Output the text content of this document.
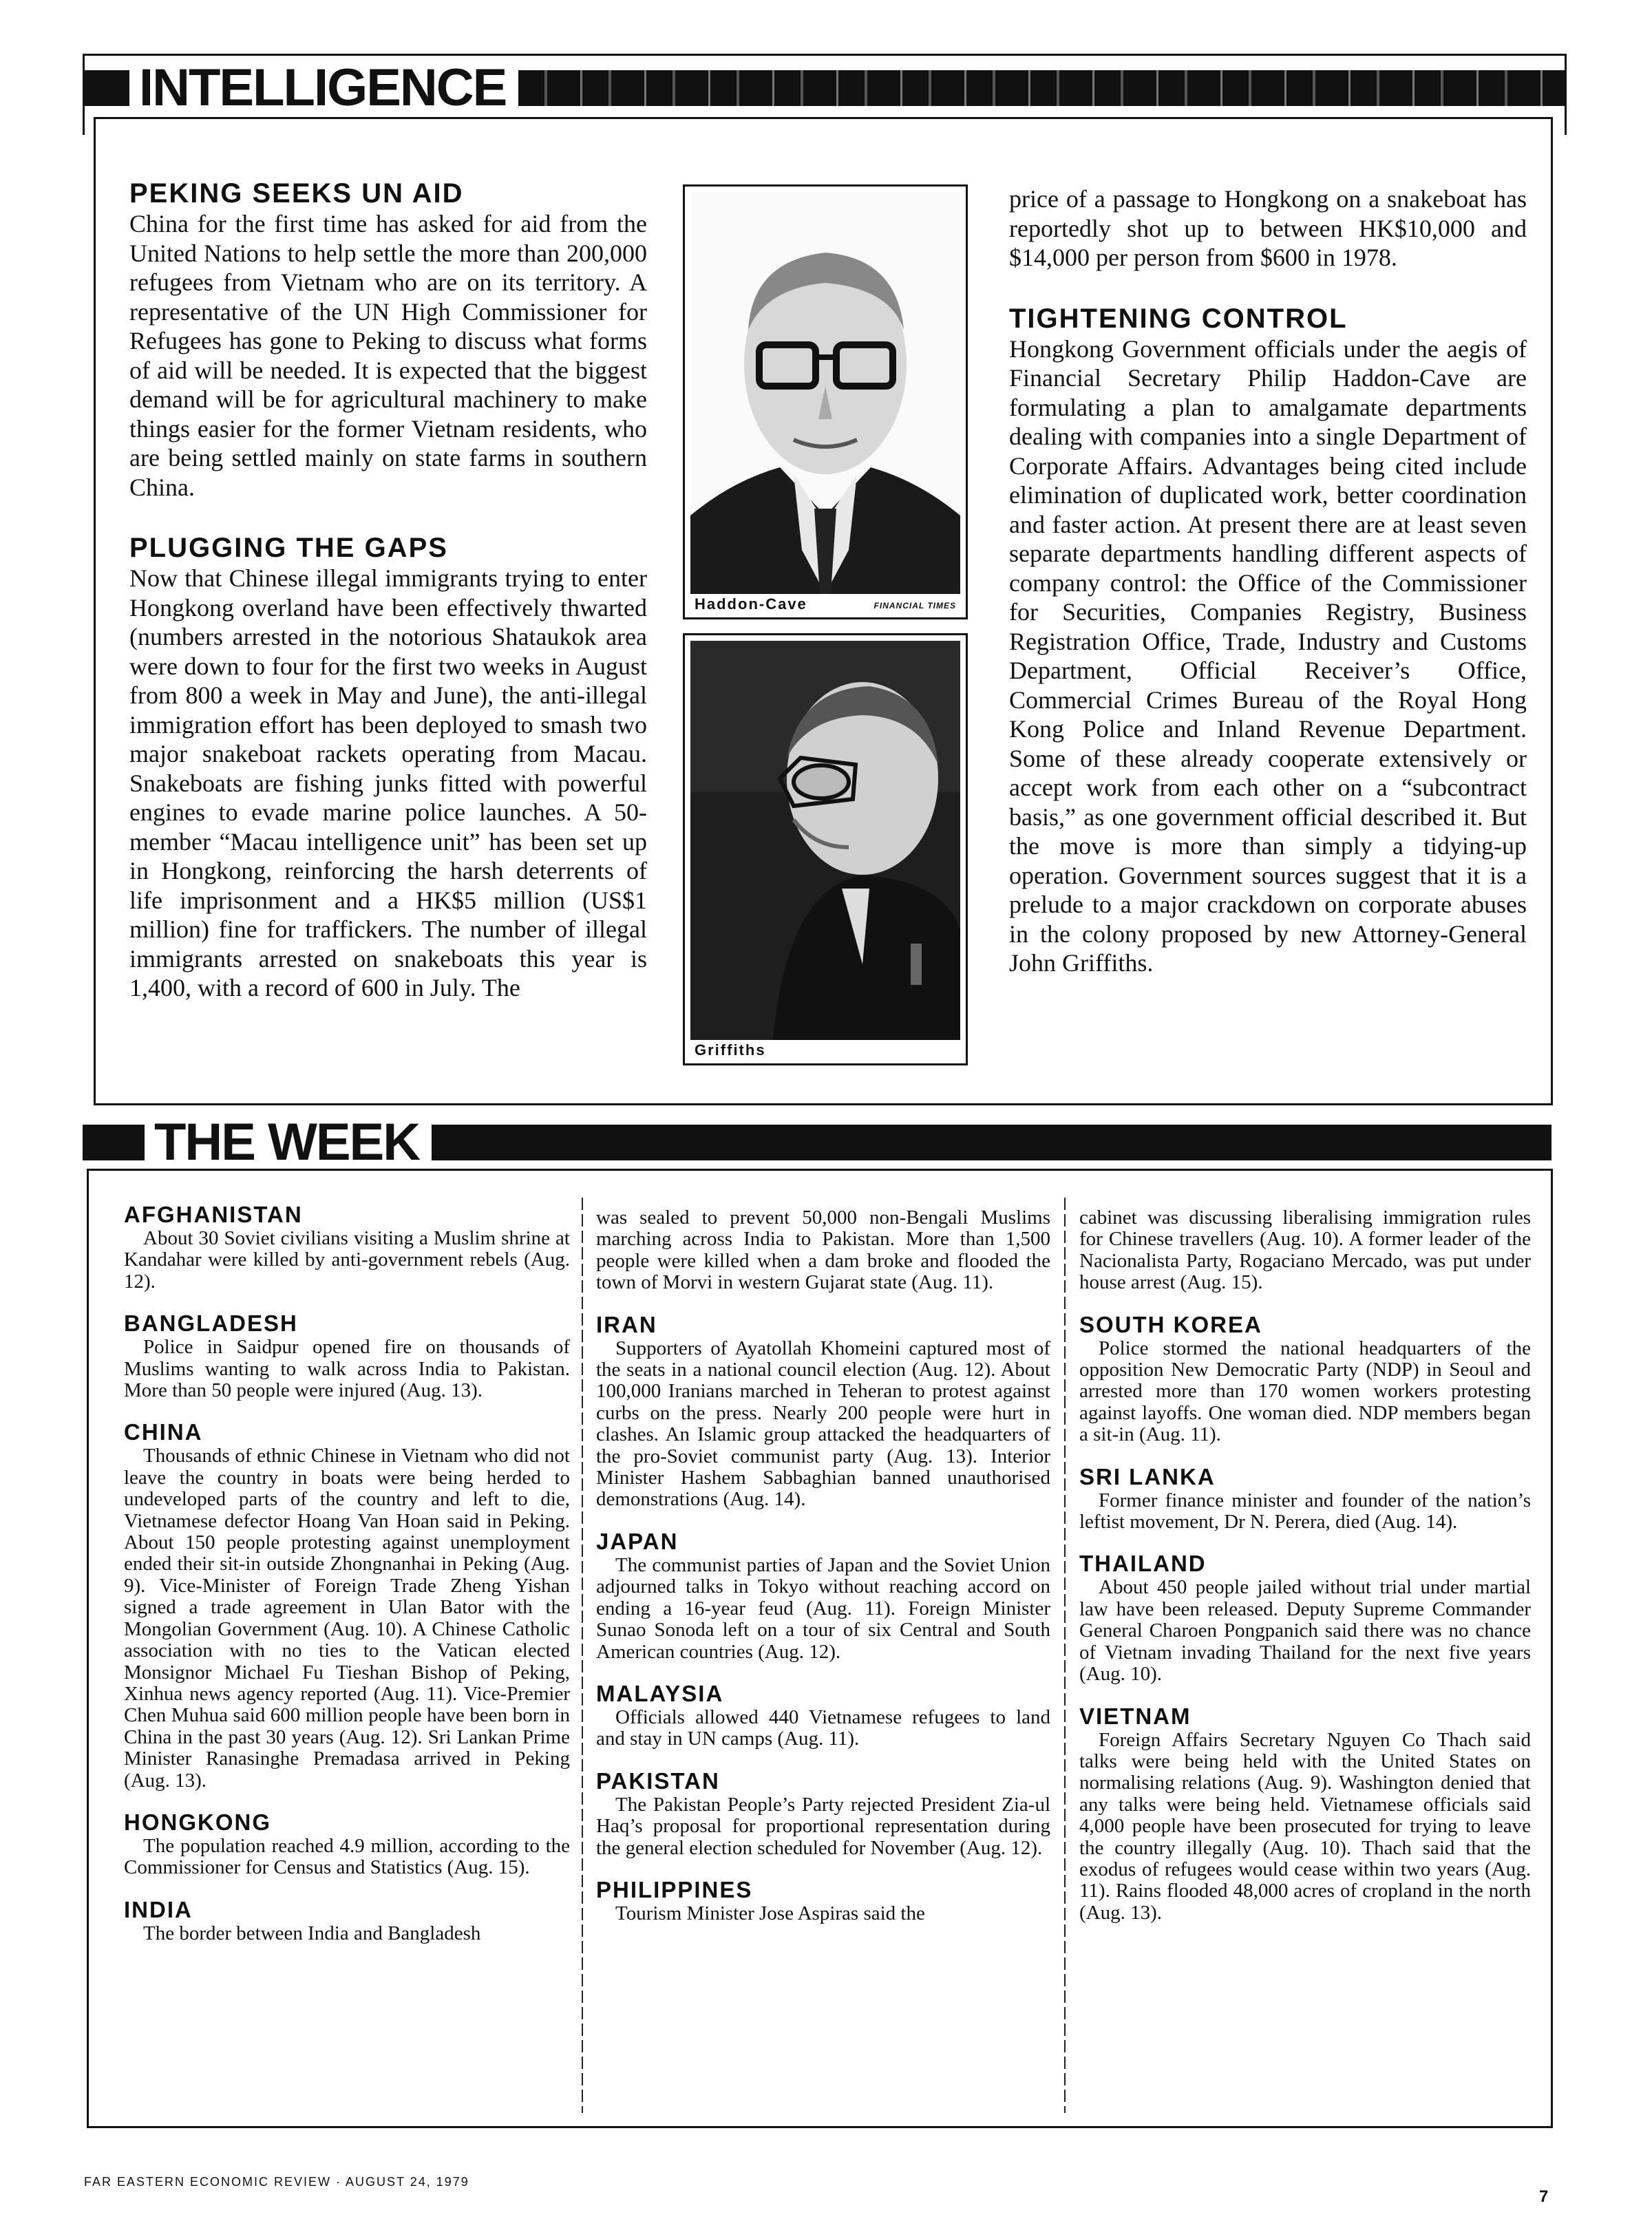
INTELLIGENCE
PEKING SEEKS UN AID

China for the first time has asked for aid from the United Nations to help settle the more than 200,000 refugees from Vietnam who are on its territory. A representative of the UN High Commissioner for Refugees has gone to Peking to discuss what forms of aid will be needed. It is expected that the biggest demand will be for agricultural machinery to make things easier for the former Vietnam residents, who are being settled mainly on state farms in southern China.

PLUGGING THE GAPS

Now that Chinese illegal immigrants trying to enter Hongkong overland have been effectively thwarted (numbers arrested in the notorious Shataukok area were down to four for the first two weeks in August from 800 a week in May and June), the anti-illegal immigration effort has been deployed to smash two major snakeboat rackets operating from Macau. Snakeboats are fishing junks fitted with powerful engines to evade marine police launches. A 50-member “Macau intelligence unit” has been set up in Hongkong, reinforcing the harsh deterrents of life imprisonment and a HK$5 million (US$1 million) fine for traffickers. The number of illegal immigrants arrested on snakeboats this year is 1,400, with a record of 600 in July. The

Haddon-Cave	FINANCIAL TIMES
Griffiths

price of a passage to Hongkong on a snakeboat has reportedly shot up to between HK$10,000 and $14,000 per person from $600 in 1978.

TIGHTENING CONTROL

Hongkong Government officials under the aegis of Financial Secretary Philip Haddon-Cave are formulating a plan to amalgamate departments dealing with companies into a single Department of Corporate Affairs. Advantages being cited include elimination of duplicated work, better coordination and faster action. At present there are at least seven separate departments handling different aspects of company control: the Office of the Commissioner for Securities, Companies Registry, Business Registration Office, Trade, Industry and Customs Department, Official Receiver’s Office, Commercial Crimes Bureau of the Royal Hong Kong Police and Inland Revenue Department. Some of these already cooperate extensively or accept work from each other on a “subcontract basis,” as one government official described it. But the move is more than simply a tidying-up operation. Government sources suggest that it is a prelude to a major crackdown on corporate abuses in the colony proposed by new Attorney-General John Griffiths.

THE WEEK
AFGHANISTAN

About 30 Soviet civilians visiting a Muslim shrine at Kandahar were killed by anti-government rebels (Aug. 12).

BANGLADESH

Police in Saidpur opened fire on thousands of Muslims wanting to walk across India to Pakistan. More than 50 people were injured (Aug. 13).

CHINA

Thousands of ethnic Chinese in Vietnam who did not leave the country in boats were being herded to undeveloped parts of the country and left to die, Vietnamese defector Hoang Van Hoan said in Peking. About 150 people protesting against unemployment ended their sit-in outside Zhongnanhai in Peking (Aug. 9). Vice-Minister of Foreign Trade Zheng Yishan signed a trade agreement in Ulan Bator with the Mongolian Government (Aug. 10). A Chinese Catholic association with no ties to the Vatican elected Monsignor Michael Fu Tieshan Bishop of Peking, Xinhua news agency reported (Aug. 11). Vice-Premier Chen Muhua said 600 million people have been born in China in the past 30 years (Aug. 12). Sri Lankan Prime Minister Ranasinghe Premadasa arrived in Peking (Aug. 13).

HONGKONG

The population reached 4.9 million, according to the Commissioner for Census and Statistics (Aug. 15).

INDIA

The border between India and Bangladesh

was sealed to prevent 50,000 non-Bengali Muslims marching across India to Pakistan. More than 1,500 people were killed when a dam broke and flooded the town of Morvi in western Gujarat state (Aug. 11).

IRAN

Supporters of Ayatollah Khomeini captured most of the seats in a national council election (Aug. 12). About 100,000 Iranians marched in Teheran to protest against curbs on the press. Nearly 200 people were hurt in clashes. An Islamic group attacked the headquarters of the pro-Soviet communist party (Aug. 13). Interior Minister Hashem Sabbaghian banned unauthorised demonstrations (Aug. 14).

JAPAN

The communist parties of Japan and the Soviet Union adjourned talks in Tokyo without reaching accord on ending a 16-year feud (Aug. 11). Foreign Minister Sunao Sonoda left on a tour of six Central and South American countries (Aug. 12).

MALAYSIA

Officials allowed 440 Vietnamese refugees to land and stay in UN camps (Aug. 11).

PAKISTAN

The Pakistan People’s Party rejected President Zia-ul Haq’s proposal for proportional representation during the general election scheduled for November (Aug. 12).

PHILIPPINES

Tourism Minister Jose Aspiras said the

cabinet was discussing liberalising immigration rules for Chinese travellers (Aug. 10). A former leader of the Nacionalista Party, Rogaciano Mercado, was put under house arrest (Aug. 15).

SOUTH KOREA

Police stormed the national headquarters of the opposition New Democratic Party (NDP) in Seoul and arrested more than 170 women workers protesting against layoffs. One woman died. NDP members began a sit-in (Aug. 11).

SRI LANKA

Former finance minister and founder of the nation’s leftist movement, Dr N. Perera, died (Aug. 14).

THAILAND

About 450 people jailed without trial under martial law have been released. Deputy Supreme Commander General Charoen Pongpanich said there was no chance of Vietnam invading Thailand for the next five years (Aug. 10).

VIETNAM

Foreign Affairs Secretary Nguyen Co Thach said talks were being held with the United States on normalising relations (Aug. 9). Washington denied that any talks were being held. Vietnamese officials said 4,000 people have been prosecuted for trying to leave the country illegally (Aug. 10). Thach said that the exodus of refugees would cease within two years (Aug. 11). Rains flooded 48,000 acres of cropland in the north (Aug. 13).

FAR EASTERN ECONOMIC REVIEW · AUGUST 24, 1979
7
